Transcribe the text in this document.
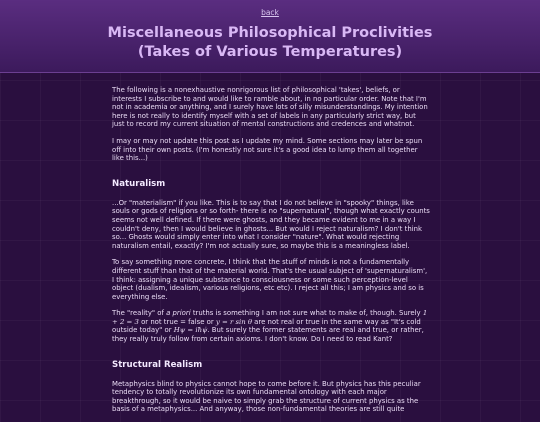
back
Miscellaneous Philosophical Proclivities
(Takes of Various Temperatures)

The following is a nonexhaustive nonrigorous list of philosophical 'takes', beliefs, or interests I subscribe to and would like to ramble about, in no particular order. Note that I'm not in academia or anything, and I surely have lots of silly misunderstandings. My intention here is not really to identify myself with a set of labels in any particularly strict way, but just to record my current situation of mental constructions and credences and whatnot.

I may or may not update this post as I update my mind. Some sections may later be spun off into their own posts. (I'm honestly not sure it's a good idea to lump them all together like this...)

Naturalism

...Or "materialism" if you like. This is to say that I do not believe in "spooky" things, like souls or gods of religions or so forth- there is no "supernatural", though what exactly counts seems not well defined. If there were ghosts, and they became evident to me in a way I couldn't deny, then I would believe in ghosts... But would I reject naturalism? I don't think so... Ghosts would simply enter into what I consider "nature". What would rejecting naturalism entail, exactly? I'm not actually sure, so maybe this is a meaningless label.

To say something more concrete, I think that the stuff of minds is not a fundamentally different stuff than that of the material world. That's the usual subject of 'supernaturalism', I think: assigning a unique substance to consciousness or some such perception-level object (dualism, idealism, various religions, etc etc). I reject all this; I am physics and so is everything else.

The "reality" of a priori truths is something I am not sure what to make of, though. Surely 1 + 2 = 3 or not true = false or y = r sin θ are not real or true in the same way as "It's cold outside today" or Hψ = iħψ̇. But surely the former statements are real and true, or rather, they really truly follow from certain axioms. I don't know. Do I need to read Kant?

Structural Realism

Metaphysics blind to physics cannot hope to come before it. But physics has this peculiar tendency to totally revolutionize its own fundamental ontology with each major breakthrough, so it would be naive to simply grab the structure of current physics as the basis of a metaphysics... And anyway, those non-fundamental theories are still quite
